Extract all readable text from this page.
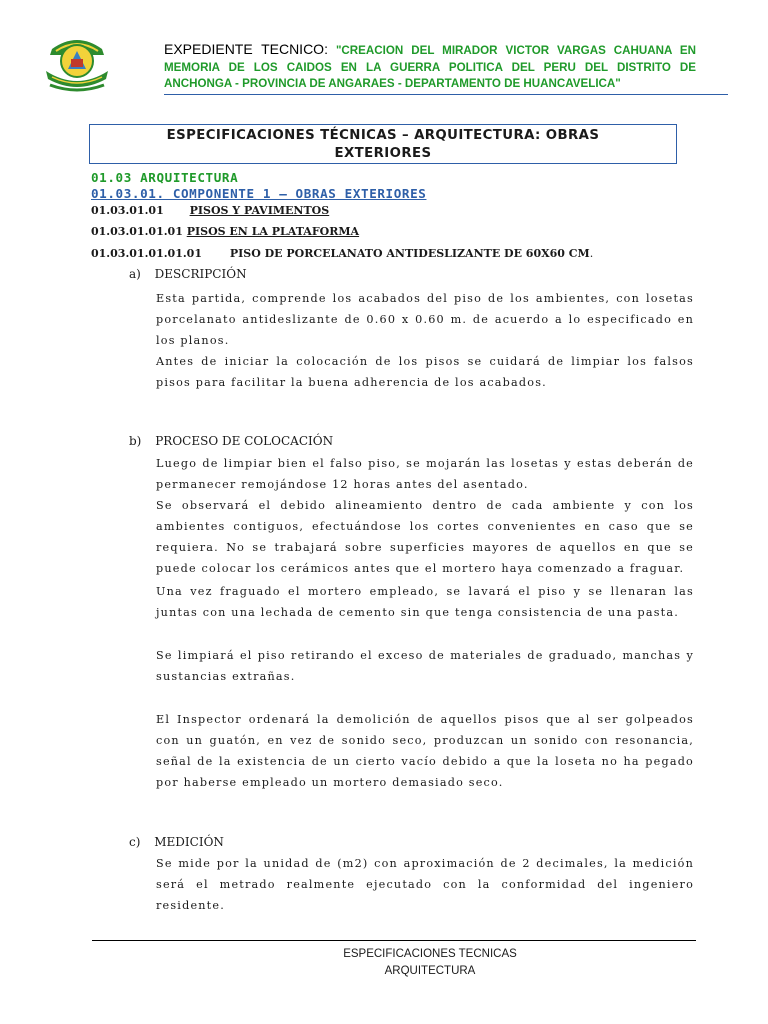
EXPEDIENTE TECNICO: "CREACION DEL MIRADOR VICTOR VARGAS CAHUANA EN MEMORIA DE LOS CAIDOS EN LA GUERRA POLITICA DEL PERU DEL DISTRITO DE ANCHONGA - PROVINCIA DE ANGARAES - DEPARTAMENTO DE HUANCAVELICA"
ESPECIFICACIONES TÉCNICAS – ARQUITECTURA: OBRAS EXTERIORES
01.03 ARQUITECTURA
01.03.01. COMPONENTE 1 – OBRAS EXTERIORES
01.03.01.01 PISOS Y PAVIMENTOS
01.03.01.01.01 PISOS EN LA PLATAFORMA
01.03.01.01.01.01	PISO DE PORCELANATO ANTIDESLIZANTE DE 60X60 CM.
a) DESCRIPCIÓN
Esta partida, comprende los acabados del piso de los ambientes, con losetas porcelanato antideslizante de 0.60 x 0.60 m. de acuerdo a lo especificado en los planos.
Antes de iniciar la colocación de los pisos se cuidará de limpiar los falsos pisos para facilitar la buena adherencia de los acabados.
b) PROCESO DE COLOCACIÓN
Luego de limpiar bien el falso piso, se mojarán las losetas y estas deberán de permanecer remojándose 12 horas antes del asentado.
Se observará el debido alineamiento dentro de cada ambiente y con los ambientes contiguos, efectuándose los cortes convenientes en caso que se requiera. No se trabajará sobre superficies mayores de aquellos en que se puede colocar los cerámicos antes que el mortero haya comenzado a fraguar.
Una vez fraguado el mortero empleado, se lavará el piso y se llenaran las juntas con una lechada de cemento sin que tenga consistencia de una pasta.
Se limpiará el piso retirando el exceso de materiales de graduado, manchas y sustancias extrañas.
El Inspector ordenará la demolición de aquellos pisos que al ser golpeados con un guatón, en vez de sonido seco, produzcan un sonido con resonancia, señal de la existencia de un cierto vacío debido a que la loseta no ha pegado por haberse empleado un mortero demasiado seco.
c) MEDICIÓN
Se mide por la unidad de (m2) con aproximación de 2 decimales, la medición será el metrado realmente ejecutado con la conformidad del ingeniero residente.
ESPECIFICACIONES TECNICAS
ARQUITECTURA
